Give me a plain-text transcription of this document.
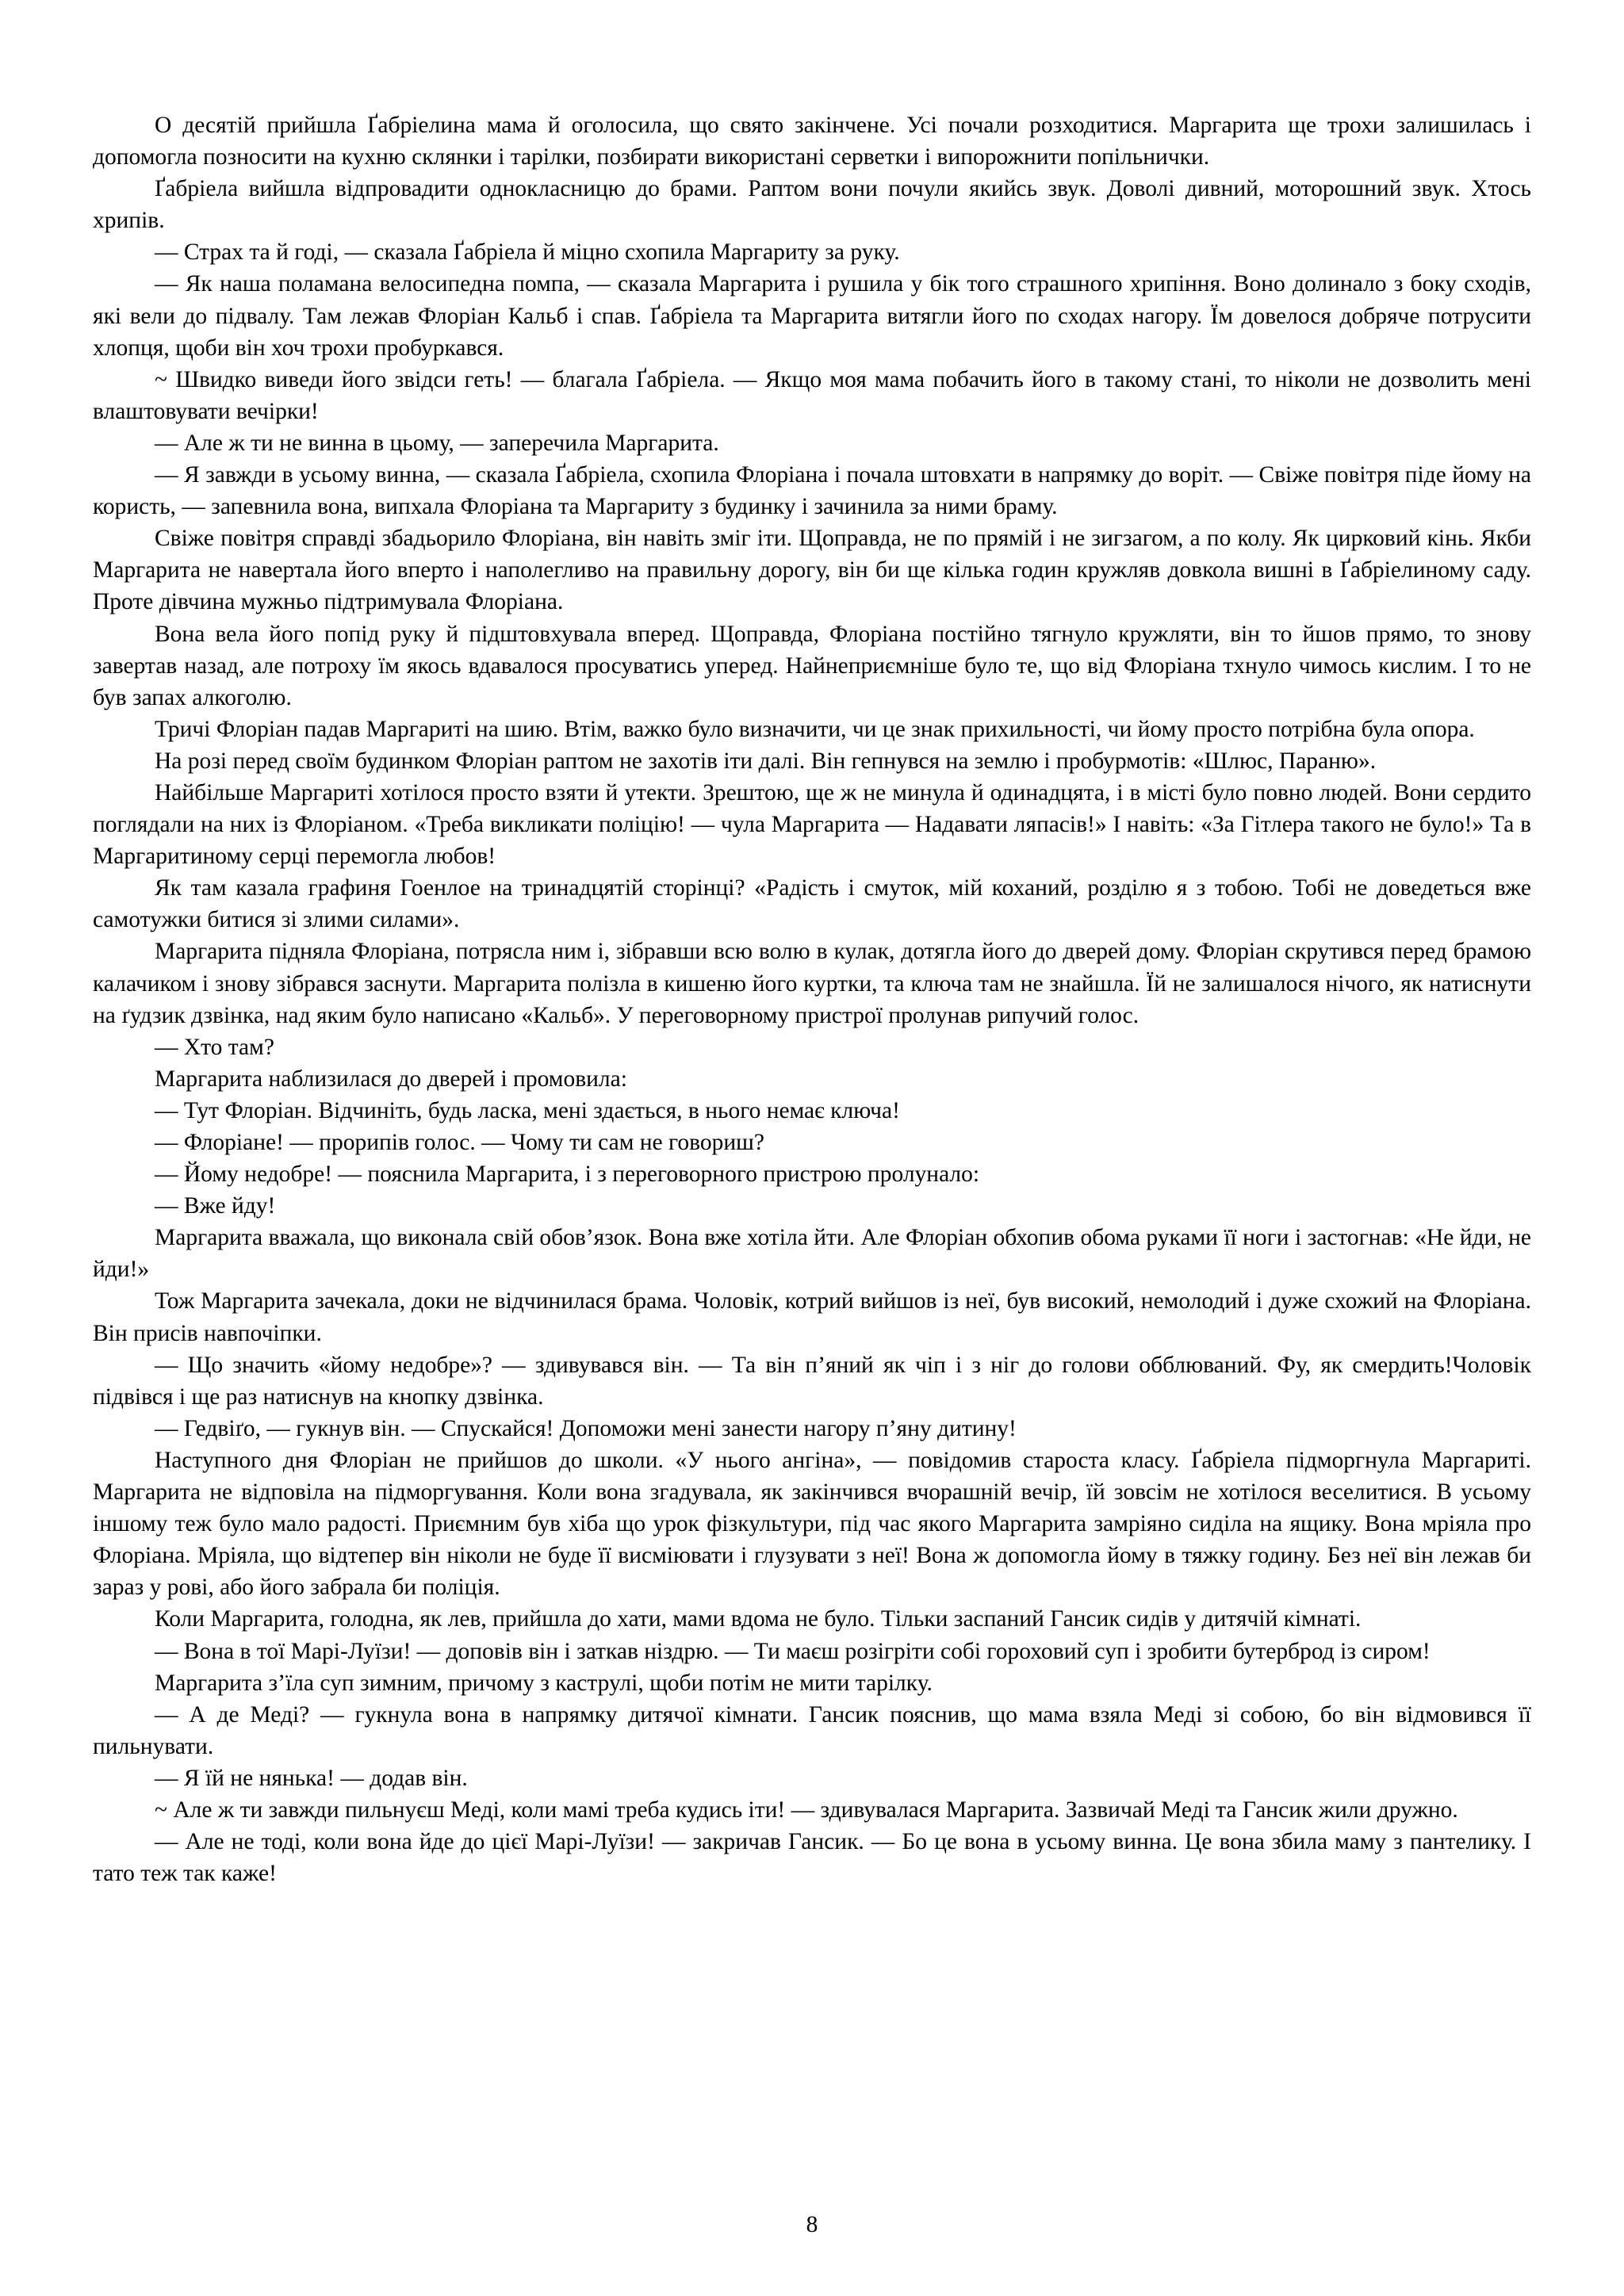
О десятій прийшла Ґабріелина мама й оголосила, що свято закінчене. Усі почали розходитися. Маргарита ще трохи залишилась і допомогла позносити на кухню склянки і тарілки, позбирати використані серветки і випорожнити попільнички.

Ґабріела вийшла відпровадити однокласницю до брами. Раптом вони почули якийсь звук. Доволі дивний, моторошний звук. Хтось хрипів.

— Страх та й годі, — сказала Ґабріела й міцно схопила Маргариту за руку.

— Як наша поламана велосипедна помпа, — сказала Маргарита і рушила у бік того страшного хрипіння. Воно долинало з боку сходів, які вели до підвалу. Там лежав Флоріан Кальб і спав. Ґабріела та Маргарита витягли його по сходах нагору. Їм довелося добряче потрусити хлопця, щоби він хоч трохи пробуркався.

~ Швидко виведи його звідси геть! — благала Ґабріела. — Якщо моя мама побачить його в такому стані, то ніколи не дозволить мені влаштовувати вечірки!

— Але ж ти не винна в цьому, — заперечила Маргарита.

— Я завжди в усьому винна, — сказала Ґабріела, схопила Флоріана і почала штовхати в напрямку до воріт. — Свіже повітря піде йому на користь, — запевнила вона, випхала Флоріана та Маргариту з будинку і зачинила за ними браму.

Свіже повітря справді збадьорило Флоріана, він навіть зміг іти. Щоправда, не по прямій і не зигзагом, а по колу. Як цирковий кінь. Якби Маргарита не навертала його вперто і наполегливо на правильну дорогу, він би ще кілька годин кружляв довкола вишні в Ґабріелиному саду. Проте дівчина мужньо підтримувала Флоріана.

Вона вела його попід руку й підштовхувала вперед. Щоправда, Флоріана постійно тягнуло кружляти, він то йшов прямо, то знову завертав назад, але потроху їм якось вдавалося просуватись уперед. Найнеприємніше було те, що від Флоріана тхнуло чимось кислим. І то не був запах алкоголю.

Тричі Флоріан падав Маргариті на шию. Втім, важко було визначити, чи це знак прихильності, чи йому просто потрібна була опора.

На розі перед своїм будинком Флоріан раптом не захотів іти далі. Він гепнувся на землю і пробурмотів: «Шлюс, Параню».

Найбільше Маргариті хотілося просто взяти й утекти. Зрештою, ще ж не минула й одинадцята, і в місті було повно людей. Вони сердито поглядали на них із Флоріаном. «Треба викликати поліцію! — чула Маргарита — Надавати ляпасів!» І навіть: «За Гітлера такого не було!» Та в Маргаритиному серці перемогла любов!

Як там казала графиня Гоенлое на тринадцятій сторінці? «Радість і смуток, мій коханий, розділю я з тобою. Тобі не доведеться вже самотужки битися зі злими силами».

Маргарита підняла Флоріана, потрясла ним і, зібравши всю волю в кулак, дотягла його до дверей дому. Флоріан скрутився перед брамою калачиком і знову зібрався заснути. Маргарита полізла в кишеню його куртки, та ключа там не знайшла. Їй не залишалося нічого, як натиснути на ґудзик дзвінка, над яким було написано «Кальб». У переговорному пристрої пролунав рипучий голос.

— Хто там?

Маргарита наблизилася до дверей і промовила:

— Тут Флоріан. Відчиніть, будь ласка, мені здається, в нього немає ключа!

— Флоріане! — прорипів голос. — Чому ти сам не говориш?

— Йому недобре! — пояснила Маргарита, і з переговорного пристрою пролунало:

— Вже йду!

Маргарита вважала, що виконала свій обов’язок. Вона вже хотіла йти. Але Флоріан обхопив обома руками її ноги і застогнав: «Не йди, не йди!»

Тож Маргарита зачекала, доки не відчинилася брама. Чоловік, котрий вийшов із неї, був високий, немолодий і дуже схожий на Флоріана. Він присів навпочіпки.

— Що значить «йому недобре»? — здивувався він. — Та він п’яний як чіп і з ніг до голови обблюваний. Фу, як смердить!Чоловік підвівся і ще раз натиснув на кнопку дзвінка.

— Гедвіґо, — гукнув він. — Спускайся! Допоможи мені занести нагору п’яну дитину!

Наступного дня Флоріан не прийшов до школи. «У нього ангіна», — повідомив староста класу. Ґабріела підморгнула Маргариті. Маргарита не відповіла на підморгування. Коли вона згадувала, як закінчився вчорашній вечір, їй зовсім не хотілося веселитися. В усьому іншому теж було мало радості. Приємним був хіба що урок фізкультури, під час якого Маргарита замріяно сиділа на ящику. Вона мріяла про Флоріана. Мріяла, що відтепер він ніколи не буде її висміювати і глузувати з неї! Вона ж допомогла йому в тяжку годину. Без неї він лежав би зараз у рові, або його забрала би поліція.

Коли Маргарита, голодна, як лев, прийшла до хати, мами вдома не було. Тільки заспаний Гансик сидів у дитячій кімнаті.

— Вона в тої Марі-Луїзи! — доповів він і заткав ніздрю. — Ти маєш розігріти собі гороховий суп і зробити бутерброд із сиром!

Маргарита з’їла суп зимним, причому з каструлі, щоби потім не мити тарілку.

— А де Меді? — гукнула вона в напрямку дитячої кімнати. Гансик пояснив, що мама взяла Меді зі собою, бо він відмовився її пильнувати.

— Я їй не нянька! — додав він.

~ Але ж ти завжди пильнуєш Меді, коли мамі треба кудись іти! — здивувалася Маргарита. Зазвичай Меді та Гансик жили дружно.

— Але не тоді, коли вона йде до цієї Марі-Луїзи! — закричав Гансик. — Бо це вона в усьому винна. Це вона збила маму з пантелику. І тато теж так каже!

8
